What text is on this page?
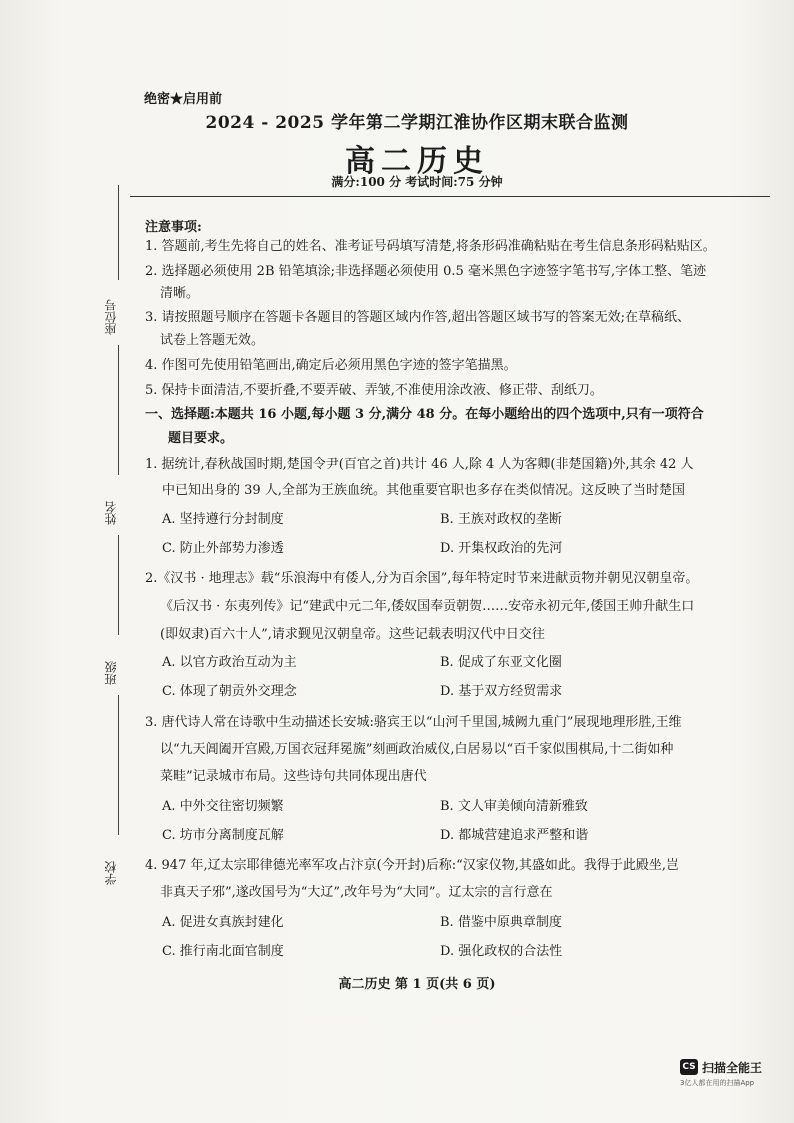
绝密★启用前
2024 - 2025 学年第二学期江淮协作区期末联合监测
高二历史
满分:100 分 考试时间:75 分钟
座位号
姓名
班级
学校
注意事项:
1. 答题前,考生先将自己的姓名、准考证号码填写清楚,将条形码准确粘贴在考生信息条形码粘贴区。
2. 选择题必须使用 2B 铅笔填涂;非选择题必须使用 0.5 毫米黑色字迹签字笔书写,字体工整、笔迹
清晰。
3. 请按照题号顺序在答题卡各题目的答题区域内作答,超出答题区域书写的答案无效;在草稿纸、
试卷上答题无效。
4. 作图可先使用铅笔画出,确定后必须用黑色字迹的签字笔描黑。
5. 保持卡面清洁,不要折叠,不要弄破、弄皱,不准使用涂改液、修正带、刮纸刀。
一、选择题:本题共 16 小题,每小题 3 分,满分 48 分。在每小题给出的四个选项中,只有一项符合
题目要求。
1. 据统计,春秋战国时期,楚国令尹(百官之首)共计 46 人,除 4 人为客卿(非楚国籍)外,其余 42 人
中已知出身的 39 人,全部为王族血统。其他重要官职也多存在类似情况。这反映了当时楚国
A. 坚持遵行分封制度	B. 王族对政权的垄断
C. 防止外部势力渗透	D. 开集权政治的先河
2.《汉书 · 地理志》载“乐浪海中有倭人,分为百余国”,每年特定时节来进献贡物并朝见汉朝皇帝。
《后汉书 · 东夷列传》记“建武中元二年,倭奴国奉贡朝贺……安帝永初元年,倭国王帅升献生口
(即奴隶)百六十人”,请求觐见汉朝皇帝。这些记载表明汉代中日交往
A. 以官方政治互动为主	B. 促成了东亚文化圈
C. 体现了朝贡外交理念	D. 基于双方经贸需求
3. 唐代诗人常在诗歌中生动描述长安城:骆宾王以“山河千里国,城阙九重门”展现地理形胜,王维
以“九天阊阖开宫殿,万国衣冠拜冕旒”刻画政治威仪,白居易以“百千家似围棋局,十二街如种
菜畦”记录城市布局。这些诗句共同体现出唐代
A. 中外交往密切频繁	B. 文人审美倾向清新雅致
C. 坊市分离制度瓦解	D. 都城营建追求严整和谐
4. 947 年,辽太宗耶律德光率军攻占汴京(今开封)后称:“汉家仪物,其盛如此。我得于此殿坐,岂
非真天子邪”,遂改国号为“大辽”,改年号为“大同”。辽太宗的言行意在
A. 促进女真族封建化	B. 借鉴中原典章制度
C. 推行南北面官制度	D. 强化政权的合法性
高二历史 第 1 页(共 6 页)
CS 扫描全能王
3亿人都在用的扫描App
